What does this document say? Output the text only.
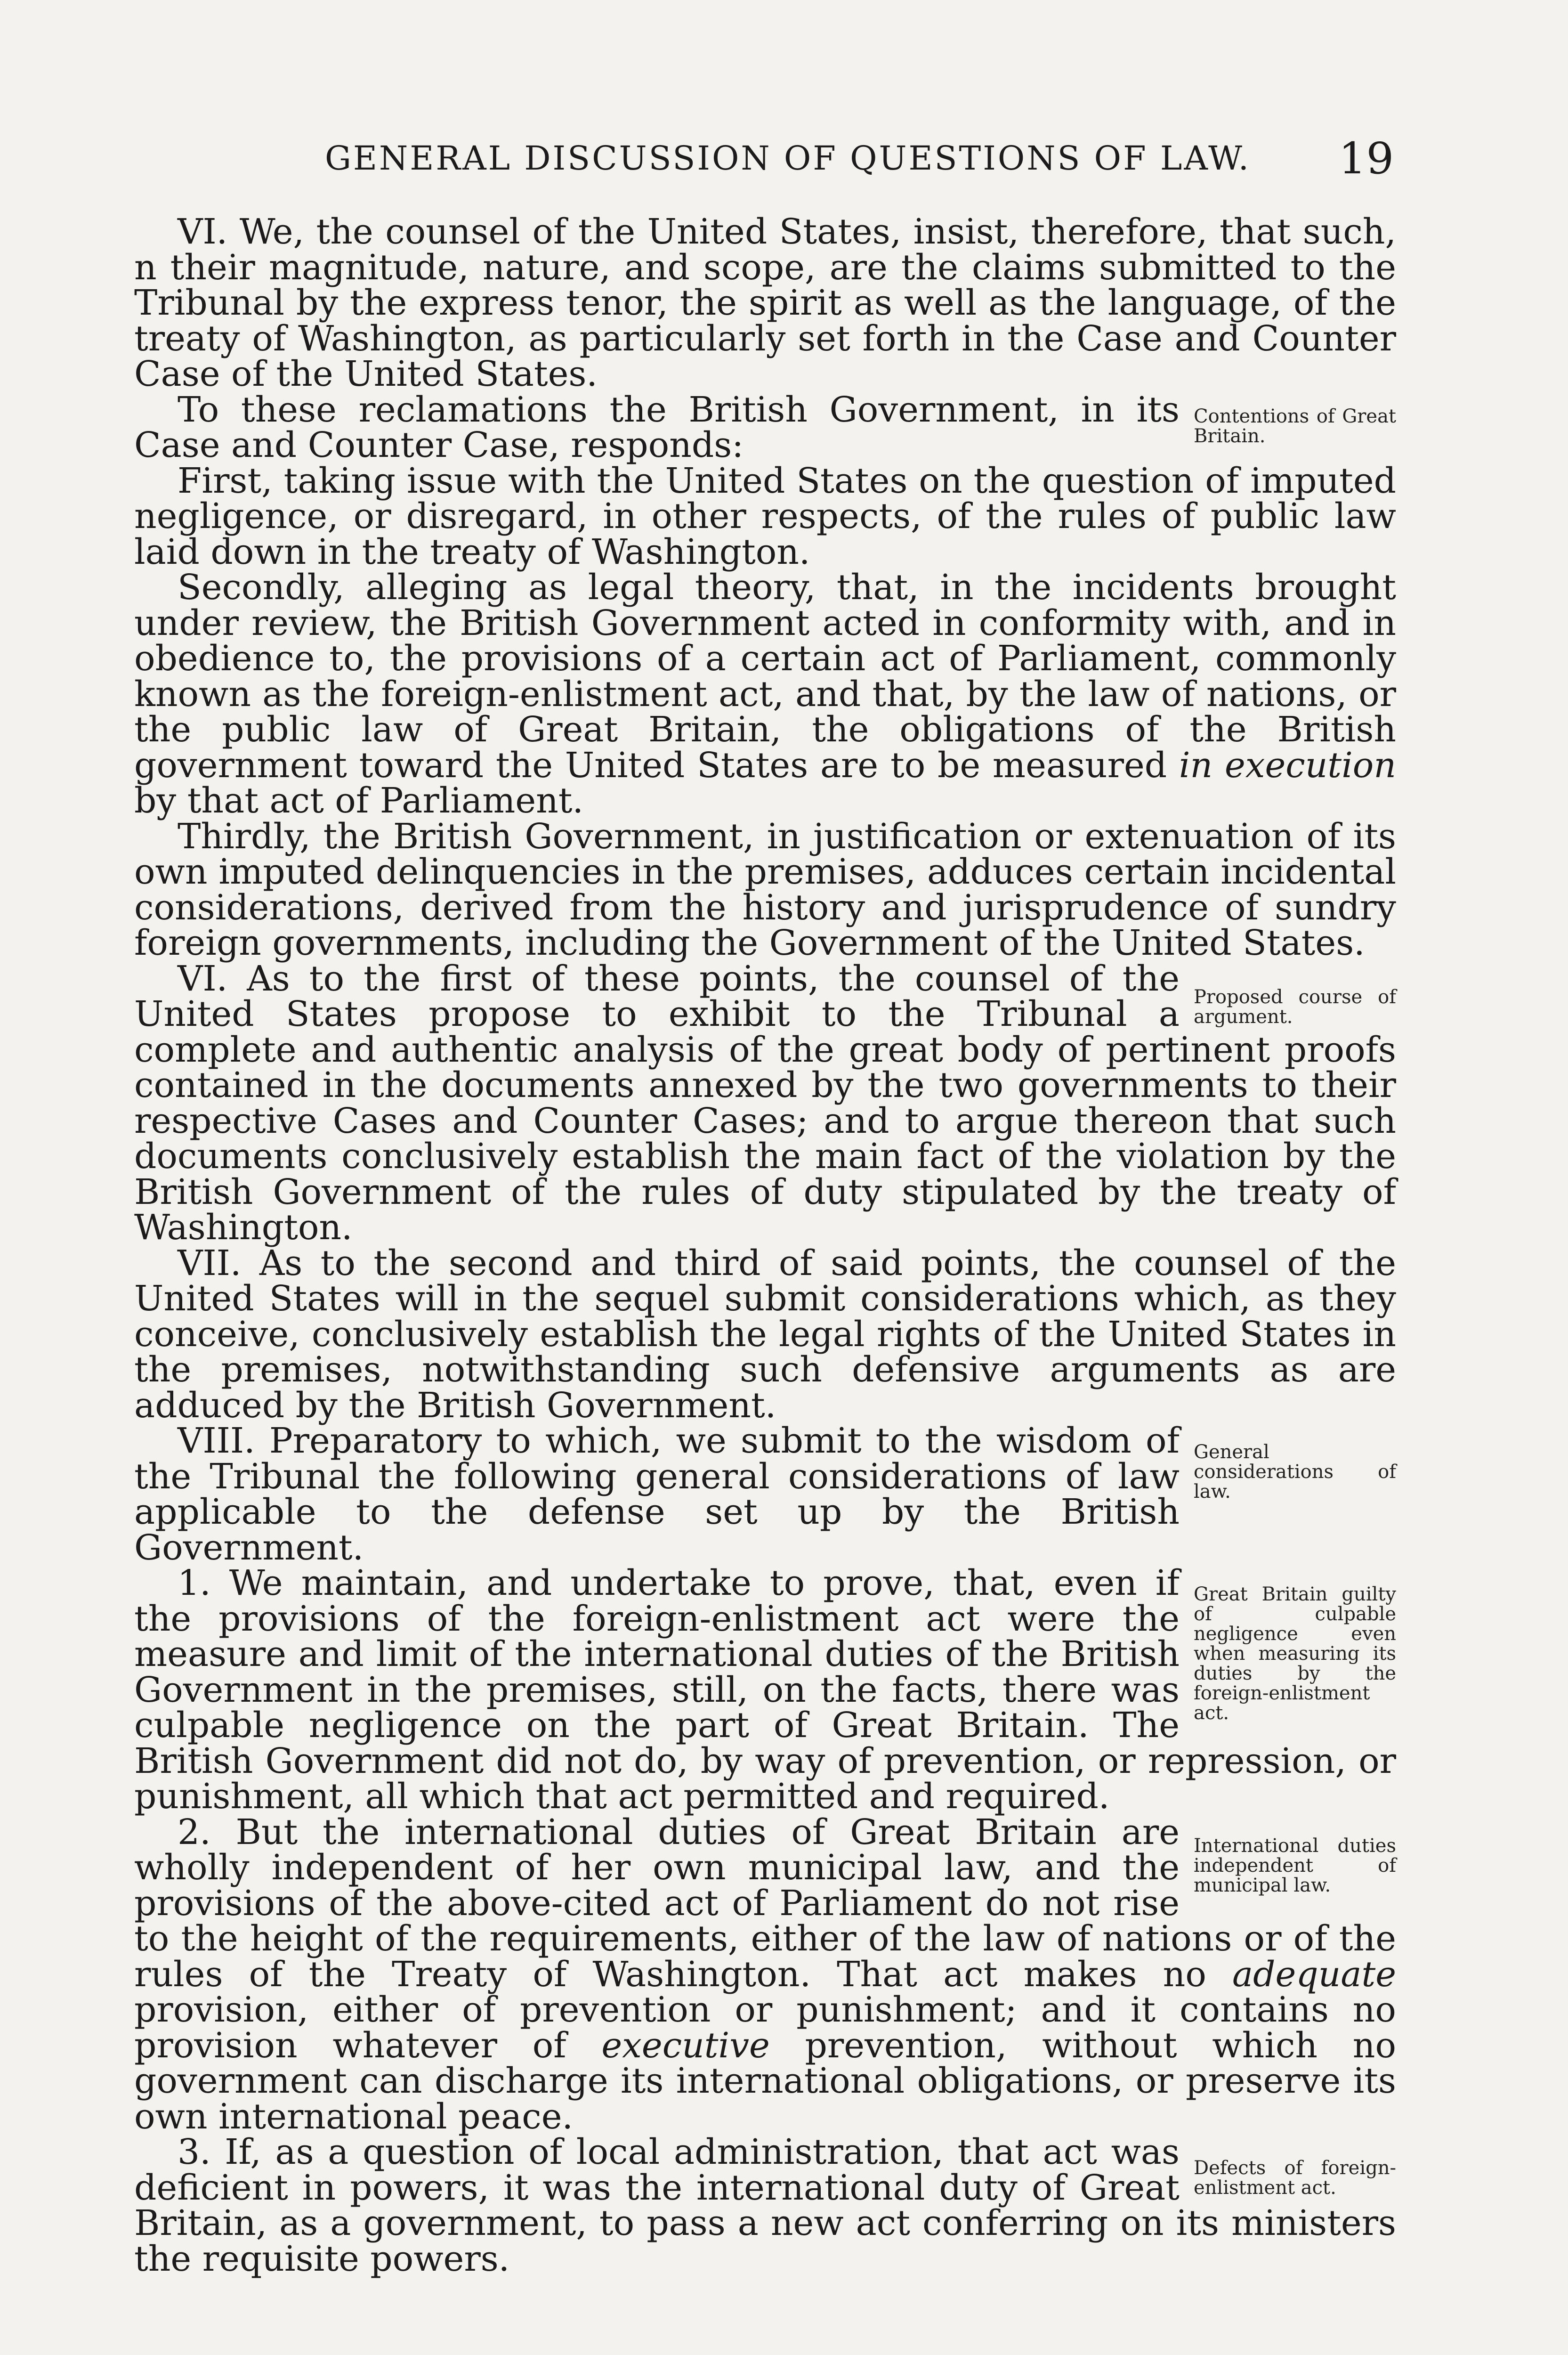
GENERAL DISCUSSION OF QUESTIONS OF LAW. 19

VI. We, the counsel of the United States, insist, therefore, that such, n their magnitude, nature, and scope, are the claims submitted to the Tribunal by the express tenor, the spirit as well as the language, of the treaty of Washington, as particularly set forth in the Case and Counter Case of the United States.

Contentions of Great Britain.
To these reclamations the British Government, in its Case and Counter Case, responds:

First, taking issue with the United States on the question of imputed negligence, or disregard, in other respects, of the rules of public law laid down in the treaty of Washington.

Secondly, alleging as legal theory, that, in the incidents brought under review, the British Government acted in conformity with, and in obedience to, the provisions of a certain act of Parliament, commonly known as the foreign-enlistment act, and that, by the law of nations, or the public law of Great Britain, the obligations of the British government toward the United States are to be measured in execution by that act of Parliament.

Thirdly, the British Government, in justification or extenuation of its own imputed delinquencies in the premises, adduces certain incidental considerations, derived from the history and jurisprudence of sundry foreign governments, including the Government of the United States.

Proposed course of argument.
VI. As to the first of these points, the counsel of the United States propose to exhibit to the Tribunal a complete and authentic analysis of the great body of pertinent proofs contained in the documents annexed by the two governments to their respective Cases and Counter Cases; and to argue thereon that such documents conclusively establish the main fact of the violation by the British Government of the rules of duty stipulated by the treaty of Washington.

VII. As to the second and third of said points, the counsel of the United States will in the sequel submit considerations which, as they conceive, conclusively establish the legal rights of the United States in the premises, notwithstanding such defensive arguments as are adduced by the British Government.

General considerations of law.
VIII. Preparatory to which, we submit to the wisdom of the Tribunal the following general considerations of law applicable to the defense set up by the British Government.

Great Britain guilty of culpable negligence even when measuring its duties by the foreign-enlistment act.
1. We maintain, and undertake to prove, that, even if the provisions of the foreign-enlistment act were the measure and limit of the international duties of the British Government in the premises, still, on the facts, there was culpable negligence on the part of Great Britain. The British Government did not do, by way of prevention, or repression, or punishment, all which that act permitted and required.

International duties independent of municipal law.
2. But the international duties of Great Britain are wholly independent of her own municipal law, and the provisions of the above-cited act of Parliament do not rise to the height of the requirements, either of the law of nations or of the rules of the Treaty of Washington. That act makes no adequate provision, either of prevention or punishment; and it contains no provision whatever of executive prevention, without which no government can discharge its international obligations, or preserve its own international peace.

Defects of foreign-enlistment act.
3. If, as a question of local administration, that act was deficient in powers, it was the international duty of Great Britain, as a government, to pass a new act conferring on its ministers the requisite powers.
